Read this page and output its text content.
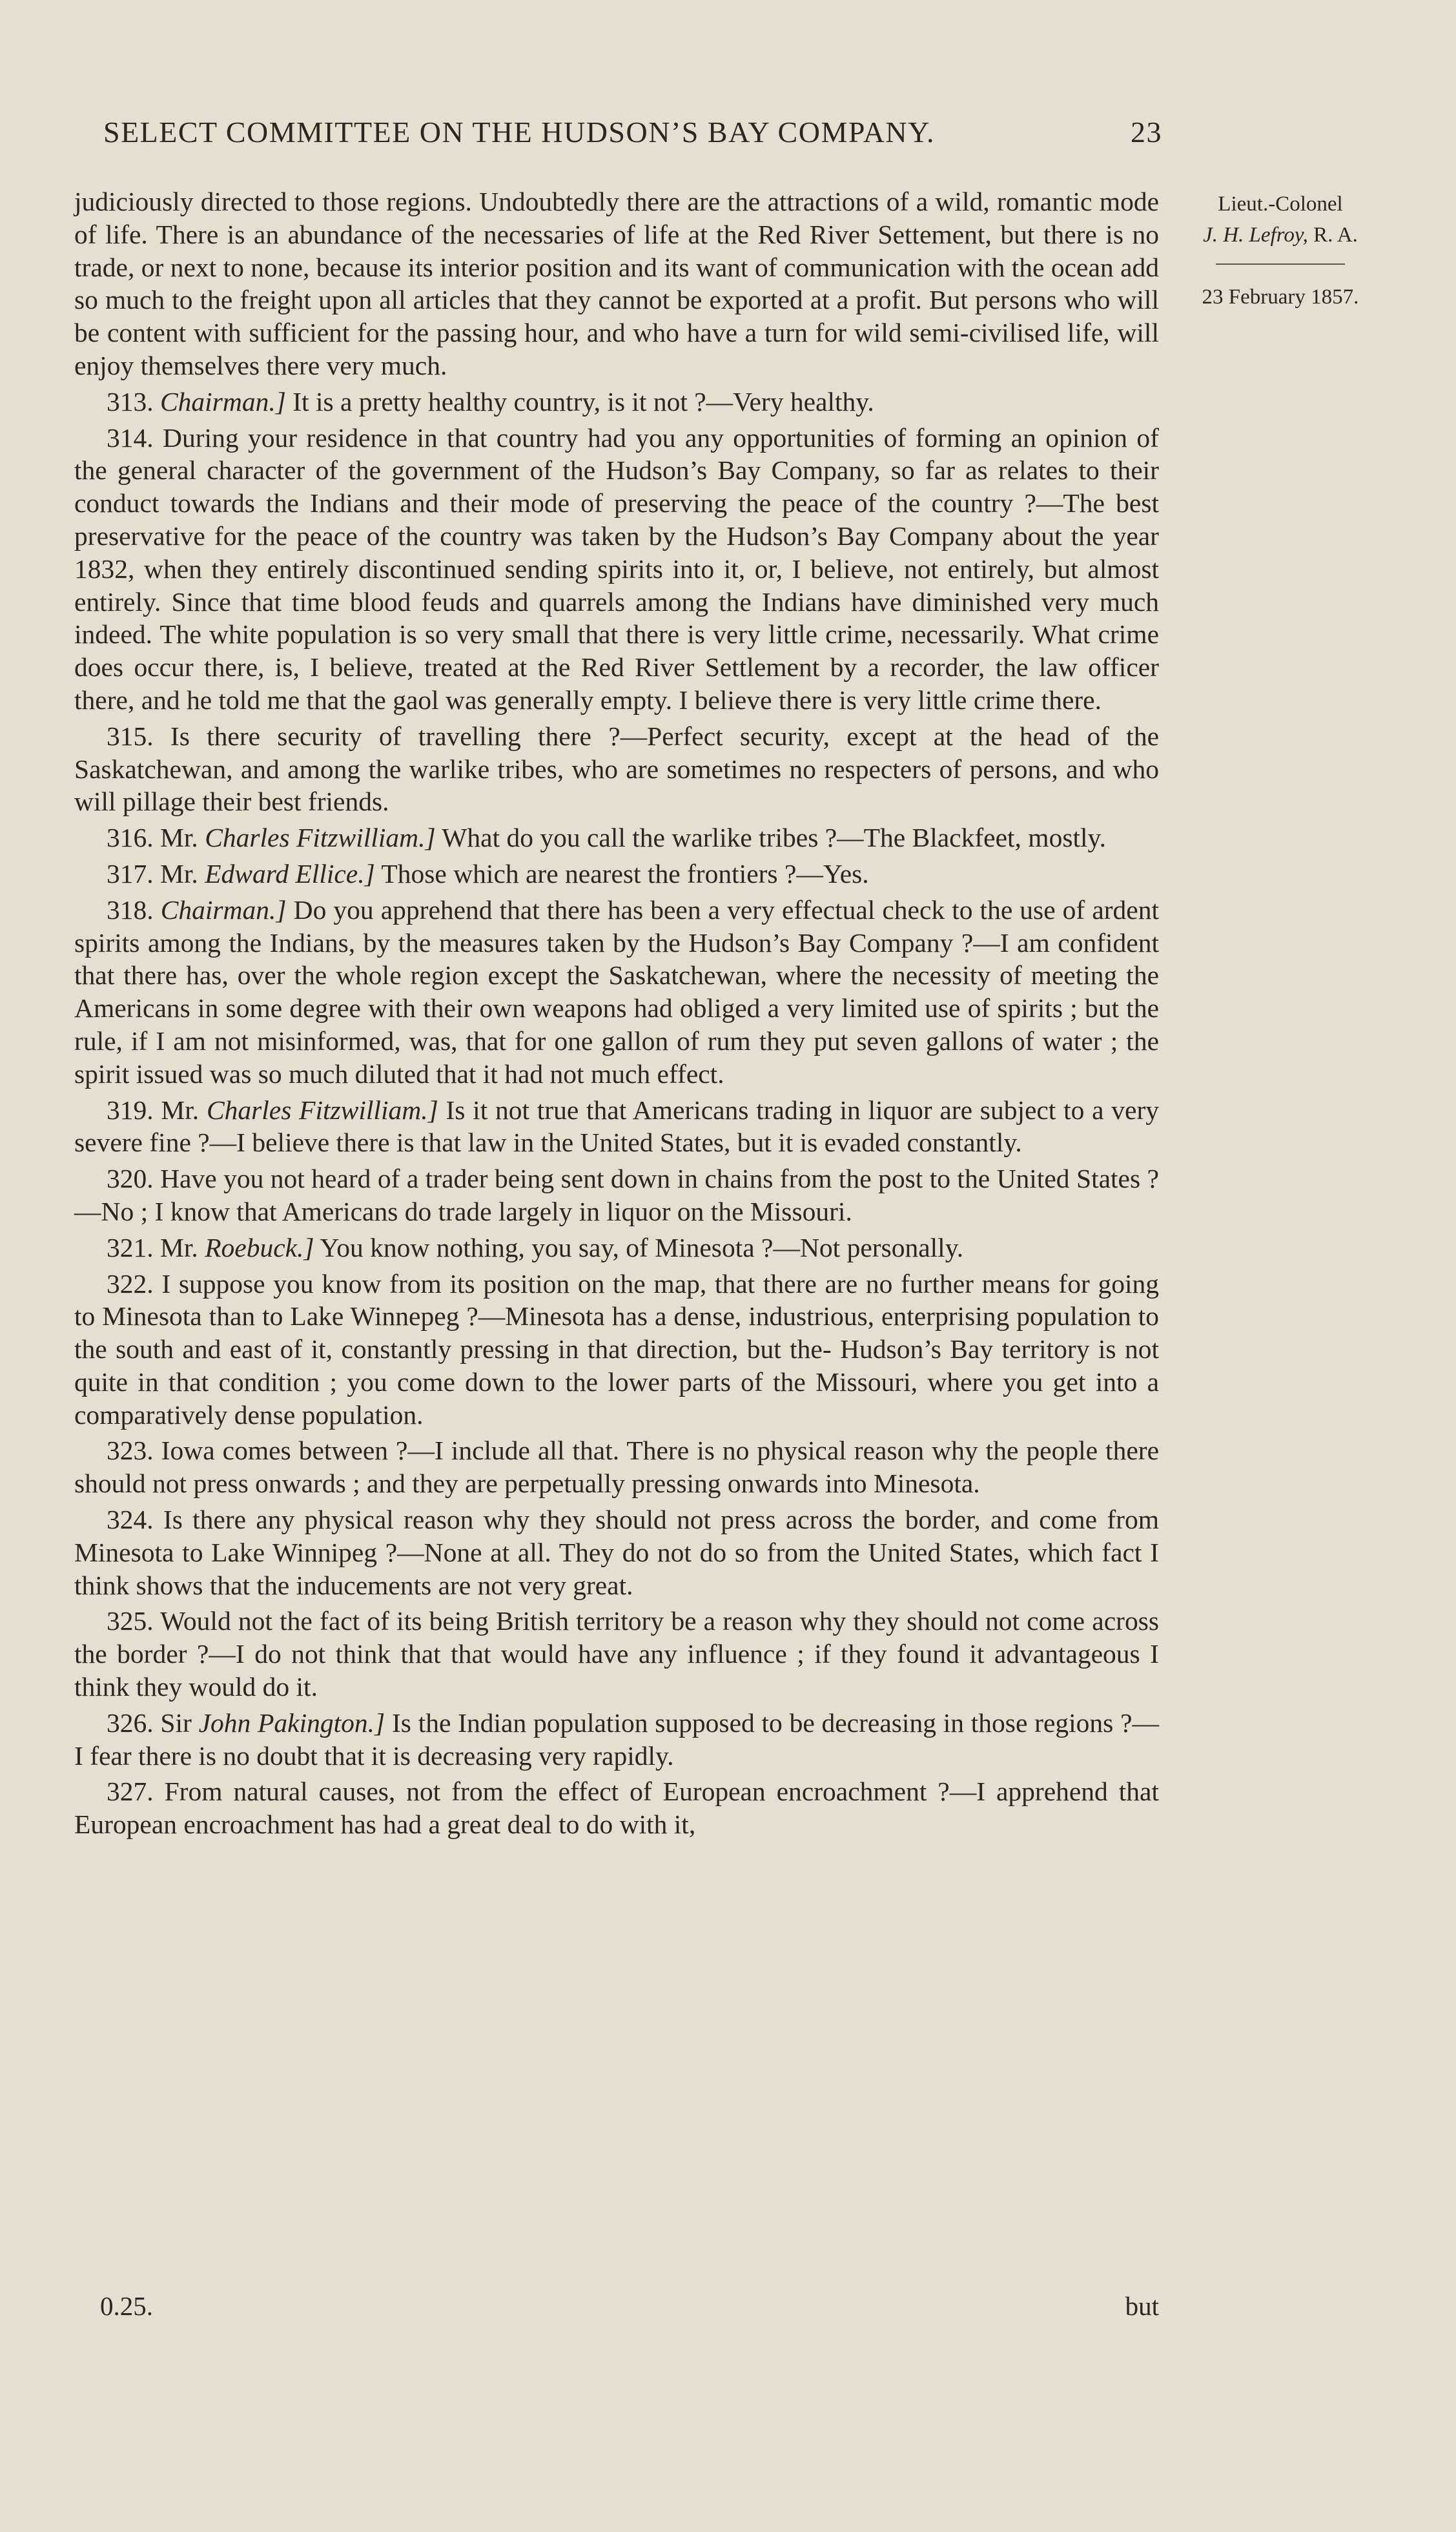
SELECT COMMITTEE ON THE HUDSON’S BAY COMPANY.	23
Lieut.-Colonel
J. H. Lefroy, R. A.
23 February 1857.

judiciously directed to those regions. Undoubtedly there are the attractions of a wild, romantic mode of life. There is an abundance of the necessaries of life at the Red River Settement, but there is no trade, or next to none, because its interior position and its want of communication with the ocean add so much to the freight upon all articles that they cannot be exported at a profit. But persons who will be content with sufficient for the passing hour, and who have a turn for wild semi-civilised life, will enjoy themselves there very much.

313. Chairman.] It is a pretty healthy country, is it not ?—Very healthy.

314. During your residence in that country had you any opportunities of forming an opinion of the general character of the government of the Hudson’s Bay Company, so far as relates to their conduct towards the Indians and their mode of preserving the peace of the country ?—The best preservative for the peace of the country was taken by the Hudson’s Bay Company about the year 1832, when they entirely discontinued sending spirits into it, or, I believe, not entirely, but almost entirely. Since that time blood feuds and quarrels among the Indians have diminished very much indeed. The white population is so very small that there is very little crime, necessarily. What crime does occur there, is, I believe, treated at the Red River Settlement by a recorder, the law officer there, and he told me that the gaol was generally empty. I believe there is very little crime there.

315. Is there security of travelling there ?—Perfect security, except at the head of the Saskatchewan, and among the warlike tribes, who are sometimes no respecters of persons, and who will pillage their best friends.

316. Mr. Charles Fitzwilliam.] What do you call the warlike tribes ?—The Blackfeet, mostly.

317. Mr. Edward Ellice.] Those which are nearest the frontiers ?—Yes.

318. Chairman.] Do you apprehend that there has been a very effectual check to the use of ardent spirits among the Indians, by the measures taken by the Hudson’s Bay Company ?—I am confident that there has, over the whole region except the Saskatchewan, where the necessity of meeting the Americans in some degree with their own weapons had obliged a very limited use of spirits ; but the rule, if I am not misinformed, was, that for one gallon of rum they put seven gallons of water ; the spirit issued was so much diluted that it had not much effect.

319. Mr. Charles Fitzwilliam.] Is it not true that Americans trading in liquor are subject to a very severe fine ?—I believe there is that law in the United States, but it is evaded constantly.

320. Have you not heard of a trader being sent down in chains from the post to the United States ?—No ; I know that Americans do trade largely in liquor on the Missouri.

321. Mr. Roebuck.] You know nothing, you say, of Minesota ?—Not personally.

322. I suppose you know from its position on the map, that there are no further means for going to Minesota than to Lake Winnepeg ?—Minesota has a dense, industrious, enterprising population to the south and east of it, constantly pressing in that direction, but the- Hudson’s Bay territory is not quite in that condition ; you come down to the lower parts of the Missouri, where you get into a comparatively dense population.

323. Iowa comes between ?—I include all that. There is no physical reason why the people there should not press onwards ; and they are perpetually pressing onwards into Minesota.

324. Is there any physical reason why they should not press across the border, and come from Minesota to Lake Winnipeg ?—None at all. They do not do so from the United States, which fact I think shows that the inducements are not very great.

325. Would not the fact of its being British territory be a reason why they should not come across the border ?—I do not think that that would have any influence ; if they found it advantageous I think they would do it.

326. Sir John Pakington.] Is the Indian population supposed to be decreasing in those regions ?—I fear there is no doubt that it is decreasing very rapidly.

327. From natural causes, not from the effect of European encroachment ?—I apprehend that European encroachment has had a great deal to do with it,

0.25.	but
